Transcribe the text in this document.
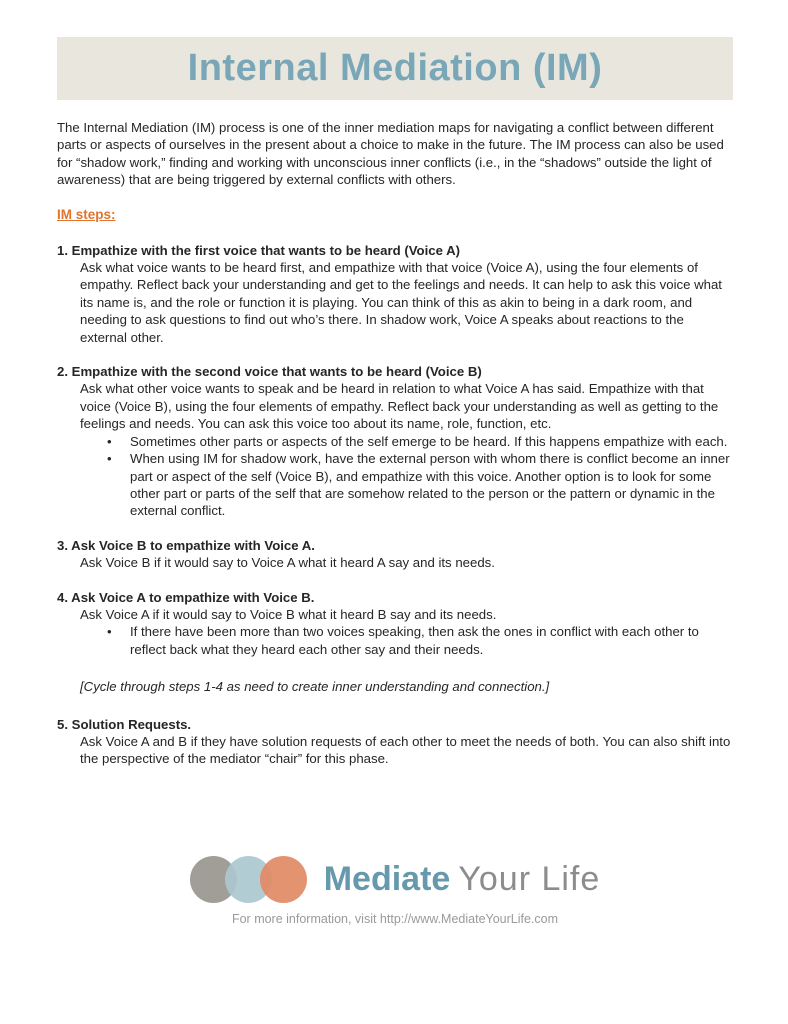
Internal Mediation (IM)

The Internal Mediation (IM) process is one of the inner mediation maps for navigating a conflict between different parts or aspects of ourselves in the present about a choice to make in the future. The IM process can also be used for “shadow work,” finding and working with unconscious inner conflicts (i.e., in the “shadows” outside the light of awareness) that are being triggered by external conflicts with others.

IM steps:
1. Empathize with the first voice that wants to be heard (Voice A)

Ask what voice wants to be heard first, and empathize with that voice (Voice A), using the four elements of empathy. Reflect back your understanding and get to the feelings and needs. It can help to ask this voice what its name is, and the role or function it is playing. You can think of this as akin to being in a dark room, and needing to ask questions to find out who’s there. In shadow work, Voice A speaks about reactions to the external other.

2. Empathize with the second voice that wants to be heard (Voice B)

Ask what other voice wants to speak and be heard in relation to what Voice A has said. Empathize with that voice (Voice B), using the four elements of empathy. Reflect back your understanding as well as getting to the feelings and needs. You can ask this voice too about its name, role, function, etc.

•	Sometimes other parts or aspects of the self emerge to be heard. If this happens empathize with each.
•	When using IM for shadow work, have the external person with whom there is conflict become an inner part or aspect of the self (Voice B), and empathize with this voice. Another option is to look for some other part or parts of the self that are somehow related to the person or the pattern or dynamic in the external conflict.
3. Ask Voice B to empathize with Voice A.

Ask Voice B if it would say to Voice A what it heard A say and its needs.

4. Ask Voice A to empathize with Voice B.

Ask Voice A if it would say to Voice B what it heard B say and its needs.

•	If there have been more than two voices speaking, then ask the ones in conflict with each other to reflect back what they heard each other say and their needs.

[Cycle through steps 1-4 as need to create inner understanding and connection.]

5. Solution Requests.

Ask Voice A and B if they have solution requests of each other to meet the needs of both. You can also shift into the perspective of the mediator “chair” for this phase.

Mediate Your Life
For more information, visit http://www.MediateYourLife.com
